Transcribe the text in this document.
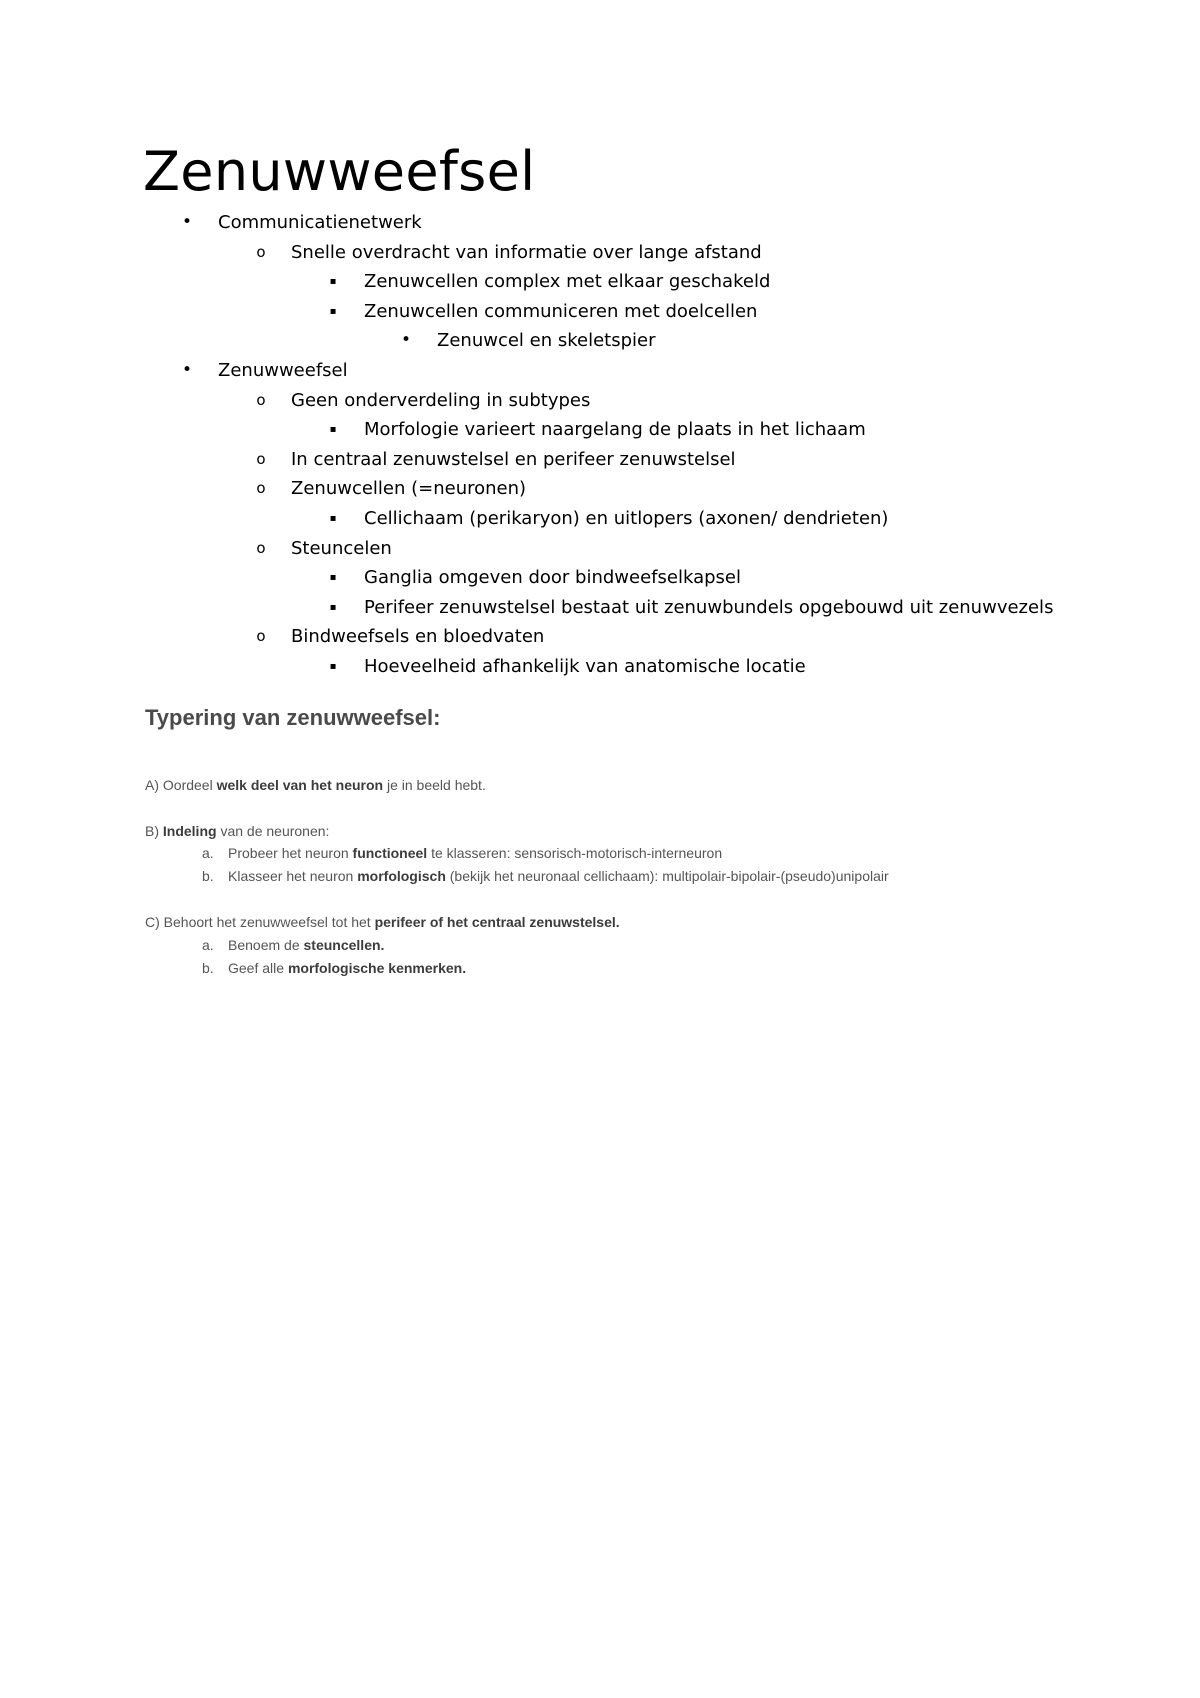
Zenuwweefsel
• Communicatienetwerk
o	Snelle overdracht van informatie over lange afstand
▪	Zenuwcellen complex met elkaar geschakeld
▪	Zenuwcellen communiceren met doelcellen
• Zenuwcel en skeletspier
• Zenuwweefsel
o	Geen onderverdeling in subtypes
▪	Morfologie varieert naargelang de plaats in het lichaam
o	In centraal zenuwstelsel en perifeer zenuwstelsel
o	Zenuwcellen (=neuronen)
▪	Cellichaam (perikaryon) en uitlopers (axonen/ dendrieten)
o	Steuncelen
▪	Ganglia omgeven door bindweefselkapsel
▪	Perifeer zenuwstelsel bestaat uit zenuwbundels opgebouwd uit zenuwvezels
o	Bindweefsels en bloedvaten
▪	Hoeveelheid afhankelijk van anatomische locatie
Typering van zenuwweefsel:
A) Oordeel welk deel van het neuron je in beeld hebt.
B) Indeling van de neuronen:
a. Probeer het neuron functioneel te klasseren: sensorisch-motorisch-interneuron
b. Klasseer het neuron morfologisch (bekijk het neuronaal cellichaam): multipolair-bipolair-(pseudo)unipolair
C) Behoort het zenuwweefsel tot het perifeer of het centraal zenuwstelsel.
a. Benoem de steuncellen.
b. Geef alle morfologische kenmerken.
